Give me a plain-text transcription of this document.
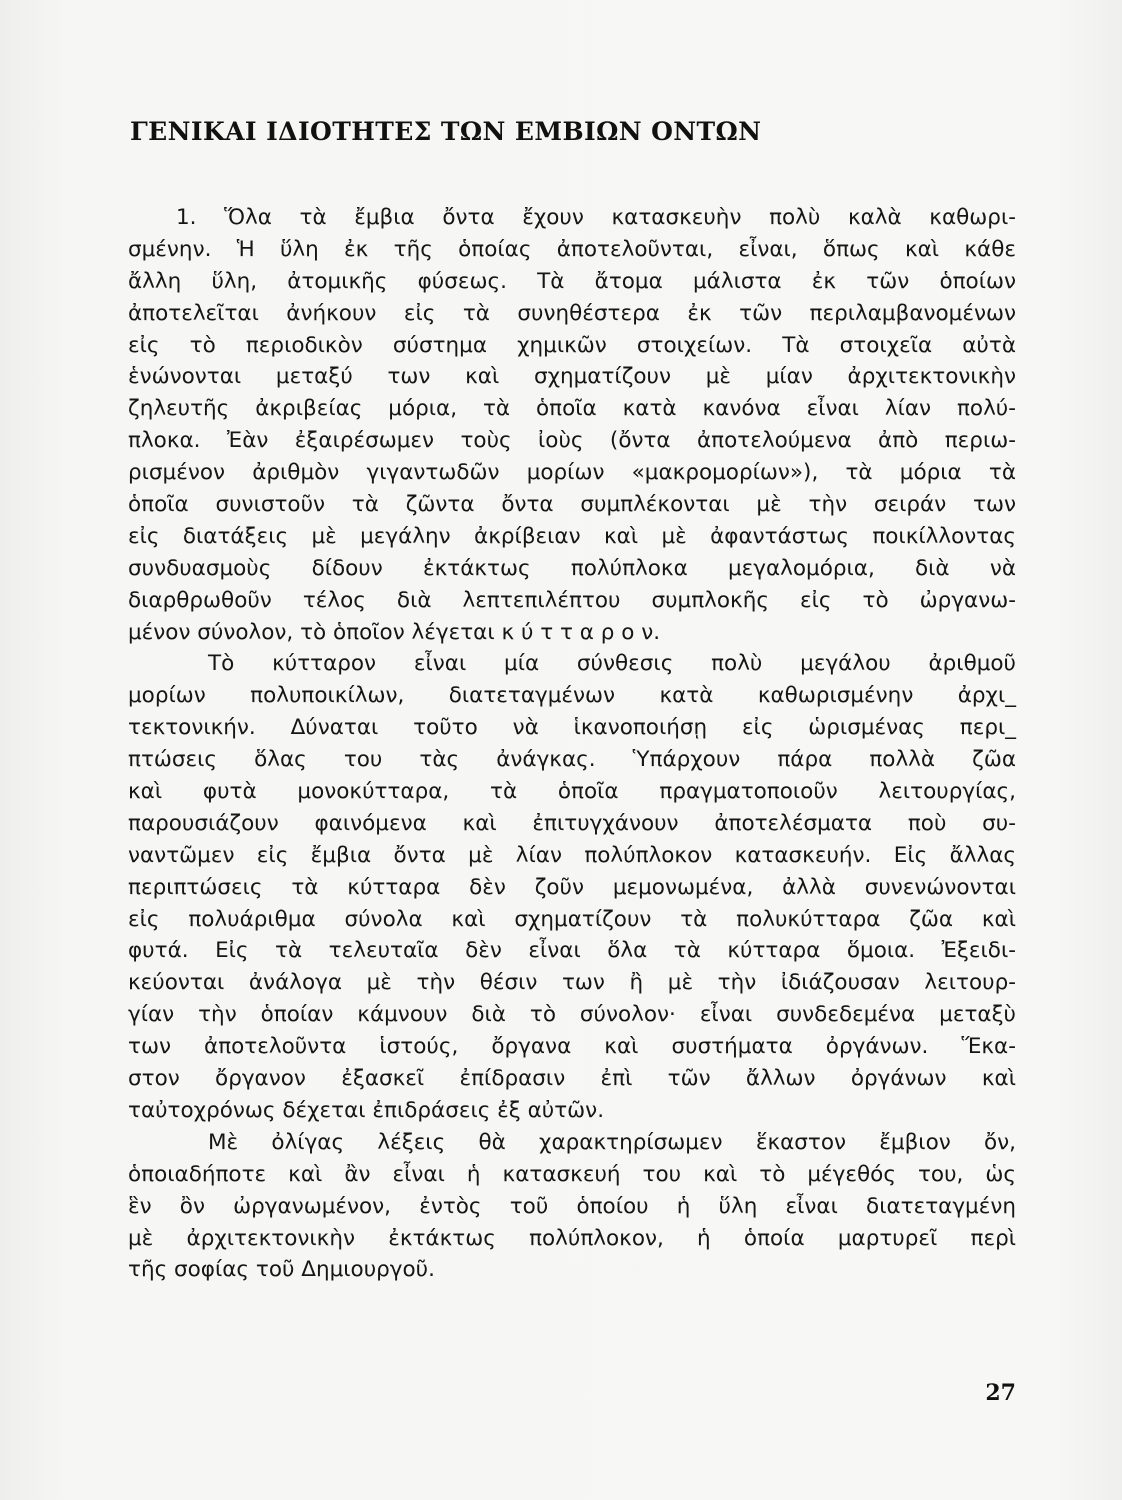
ΓΕΝΙΚΑΙ ΙΔΙΟΤΗΤΕΣ ΤΩΝ ΕΜΒΙΩΝ ΟΝΤΩΝ
1. Ὅλα τὰ ἔμβια ὄντα ἔχουν κατασκευὴν πολὺ καλὰ καθωρι-
σμένην. Ἡ ὕλη ἐκ τῆς ὁποίας ἀποτελοῦνται, εἶναι, ὅπως καὶ κάθε
ἄλλη ὕλη, ἀτομικῆς φύσεως. Τὰ ἄτομα μάλιστα ἐκ τῶν ὁποίων
ἀποτελεῖται ἀνήκουν εἰς τὰ συνηθέστερα ἐκ τῶν περιλαμβανομένων
εἰς τὸ περιοδικὸν σύστημα χημικῶν στοιχείων. Τὰ στοιχεῖα αὐτὰ
ἑνώνονται μεταξύ των καὶ σχηματίζουν μὲ μίαν ἀρχιτεκτονικὴν
ζηλευτῆς ἀκριβείας μόρια, τὰ ὁποῖα κατὰ κανόνα εἶναι λίαν πολύ-
πλοκα. Ἐὰν ἐξαιρέσωμεν τοὺς ἰοὺς (ὄντα ἀποτελούμενα ἀπὸ περιω-
ρισμένον ἀριθμὸν γιγαντωδῶν μορίων «μακρομορίων»), τὰ μόρια τὰ
ὁποῖα συνιστοῦν τὰ ζῶντα ὄντα συμπλέκονται μὲ τὴν σειράν των
εἰς διατάξεις μὲ μεγάλην ἀκρίβειαν καὶ μὲ ἀφαντάστως ποικίλλοντας
συνδυασμοὺς δίδουν ἐκτάκτως πολύπλοκα μεγαλομόρια, διὰ νὰ
διαρθρωθοῦν τέλος διὰ λεπτεπιλέπτου συμπλοκῆς εἰς τὸ ὠργανω-
μένον σύνολον, τὸ ὁποῖον λέγεται κ ύ τ τ α ρ ο ν.
Τὸ κύτταρον εἶναι μία σύνθεσις πολὺ μεγάλου ἀριθμοῦ
μορίων πολυποικίλων, διατεταγμένων κατὰ καθωρισμένην ἀρχι_
τεκτονικήν. Δύναται τοῦτο νὰ ἱκανοποιήσῃ εἰς ὡρισμένας περι_
πτώσεις ὅλας του τὰς ἀνάγκας. Ὑπάρχουν πάρα πολλὰ ζῶα
καὶ φυτὰ μονοκύτταρα, τὰ ὁποῖα πραγματοποιοῦν λειτουργίας,
παρουσιάζουν φαινόμενα καὶ ἐπιτυγχάνουν ἀποτελέσματα ποὺ συ-
ναντῶμεν εἰς ἔμβια ὄντα μὲ λίαν πολύπλοκον κατασκευήν. Εἰς ἄλλας
περιπτώσεις τὰ κύτταρα δὲν ζοῦν μεμονωμένα, ἀλλὰ συνενώνονται
εἰς πολυάριθμα σύνολα καὶ σχηματίζουν τὰ πολυκύτταρα ζῶα καὶ
φυτά. Εἰς τὰ τελευταῖα δὲν εἶναι ὅλα τὰ κύτταρα ὅμοια. Ἐξειδι-
κεύονται ἀνάλογα μὲ τὴν θέσιν των ἢ μὲ τὴν ἰδιάζουσαν λειτουρ-
γίαν τὴν ὁποίαν κάμνουν διὰ τὸ σύνολον· εἶναι συνδεδεμένα μεταξὺ
των ἀποτελοῦντα ἱστούς, ὄργανα καὶ συστήματα ὀργάνων. Ἕκα-
στον ὄργανον ἐξασκεῖ ἐπίδρασιν ἐπὶ τῶν ἄλλων ὀργάνων καὶ
ταὐτοχρόνως δέχεται ἐπιδράσεις ἐξ αὐτῶν.
Μὲ ὀλίγας λέξεις θὰ χαρακτηρίσωμεν ἕκαστον ἔμβιον ὄν,
ὁποιαδήποτε καὶ ἂν εἶναι ἡ κατασκευή του καὶ τὸ μέγεθός του, ὡς
ἓν ὂν ὠργανωμένον, ἐντὸς τοῦ ὁποίου ἡ ὕλη εἶναι διατεταγμένη
μὲ ἀρχιτεκτονικὴν ἐκτάκτως πολύπλοκον, ἡ ὁποία μαρτυρεῖ περὶ
τῆς σοφίας τοῦ Δημιουργοῦ.
27
